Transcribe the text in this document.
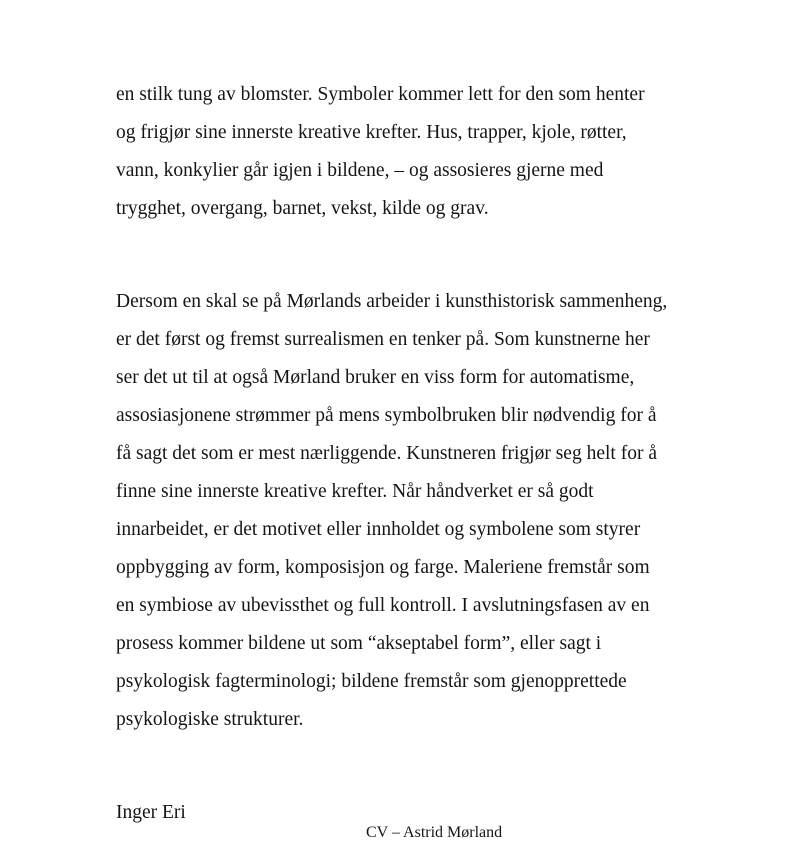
en stilk tung av blomster. Symboler kommer lett for den som henter
og frigjør sine innerste kreative krefter. Hus, trapper, kjole, røtter,
vann, konkylier går igjen i bildene, – og assosieres gjerne med
trygghet, overgang, barnet, vekst, kilde og grav.
Dersom en skal se på Mørlands arbeider i kunsthistorisk sammenheng,
er det først og fremst surrealismen en tenker på. Som kunstnerne her
ser det ut til at også Mørland bruker en viss form for automatisme,
assosiasjonene strømmer på mens symbolbruken blir nødvendig for å
få sagt det som er mest nærliggende. Kunstneren frigjør seg helt for å
finne sine innerste kreative krefter. Når håndverket er så godt
innarbeidet, er det motivet eller innholdet og symbolene som styrer
oppbygging av form, komposisjon og farge. Maleriene fremstår som
en symbiose av ubevissthet og full kontroll. I avslutningsfasen av en
prosess kommer bildene ut som “akseptabel form”, eller sagt i
psykologisk fagterminologi; bildene fremstår som gjenopprettede
psykologiske strukturer.
Inger Eri
CV – Astrid Mørland
